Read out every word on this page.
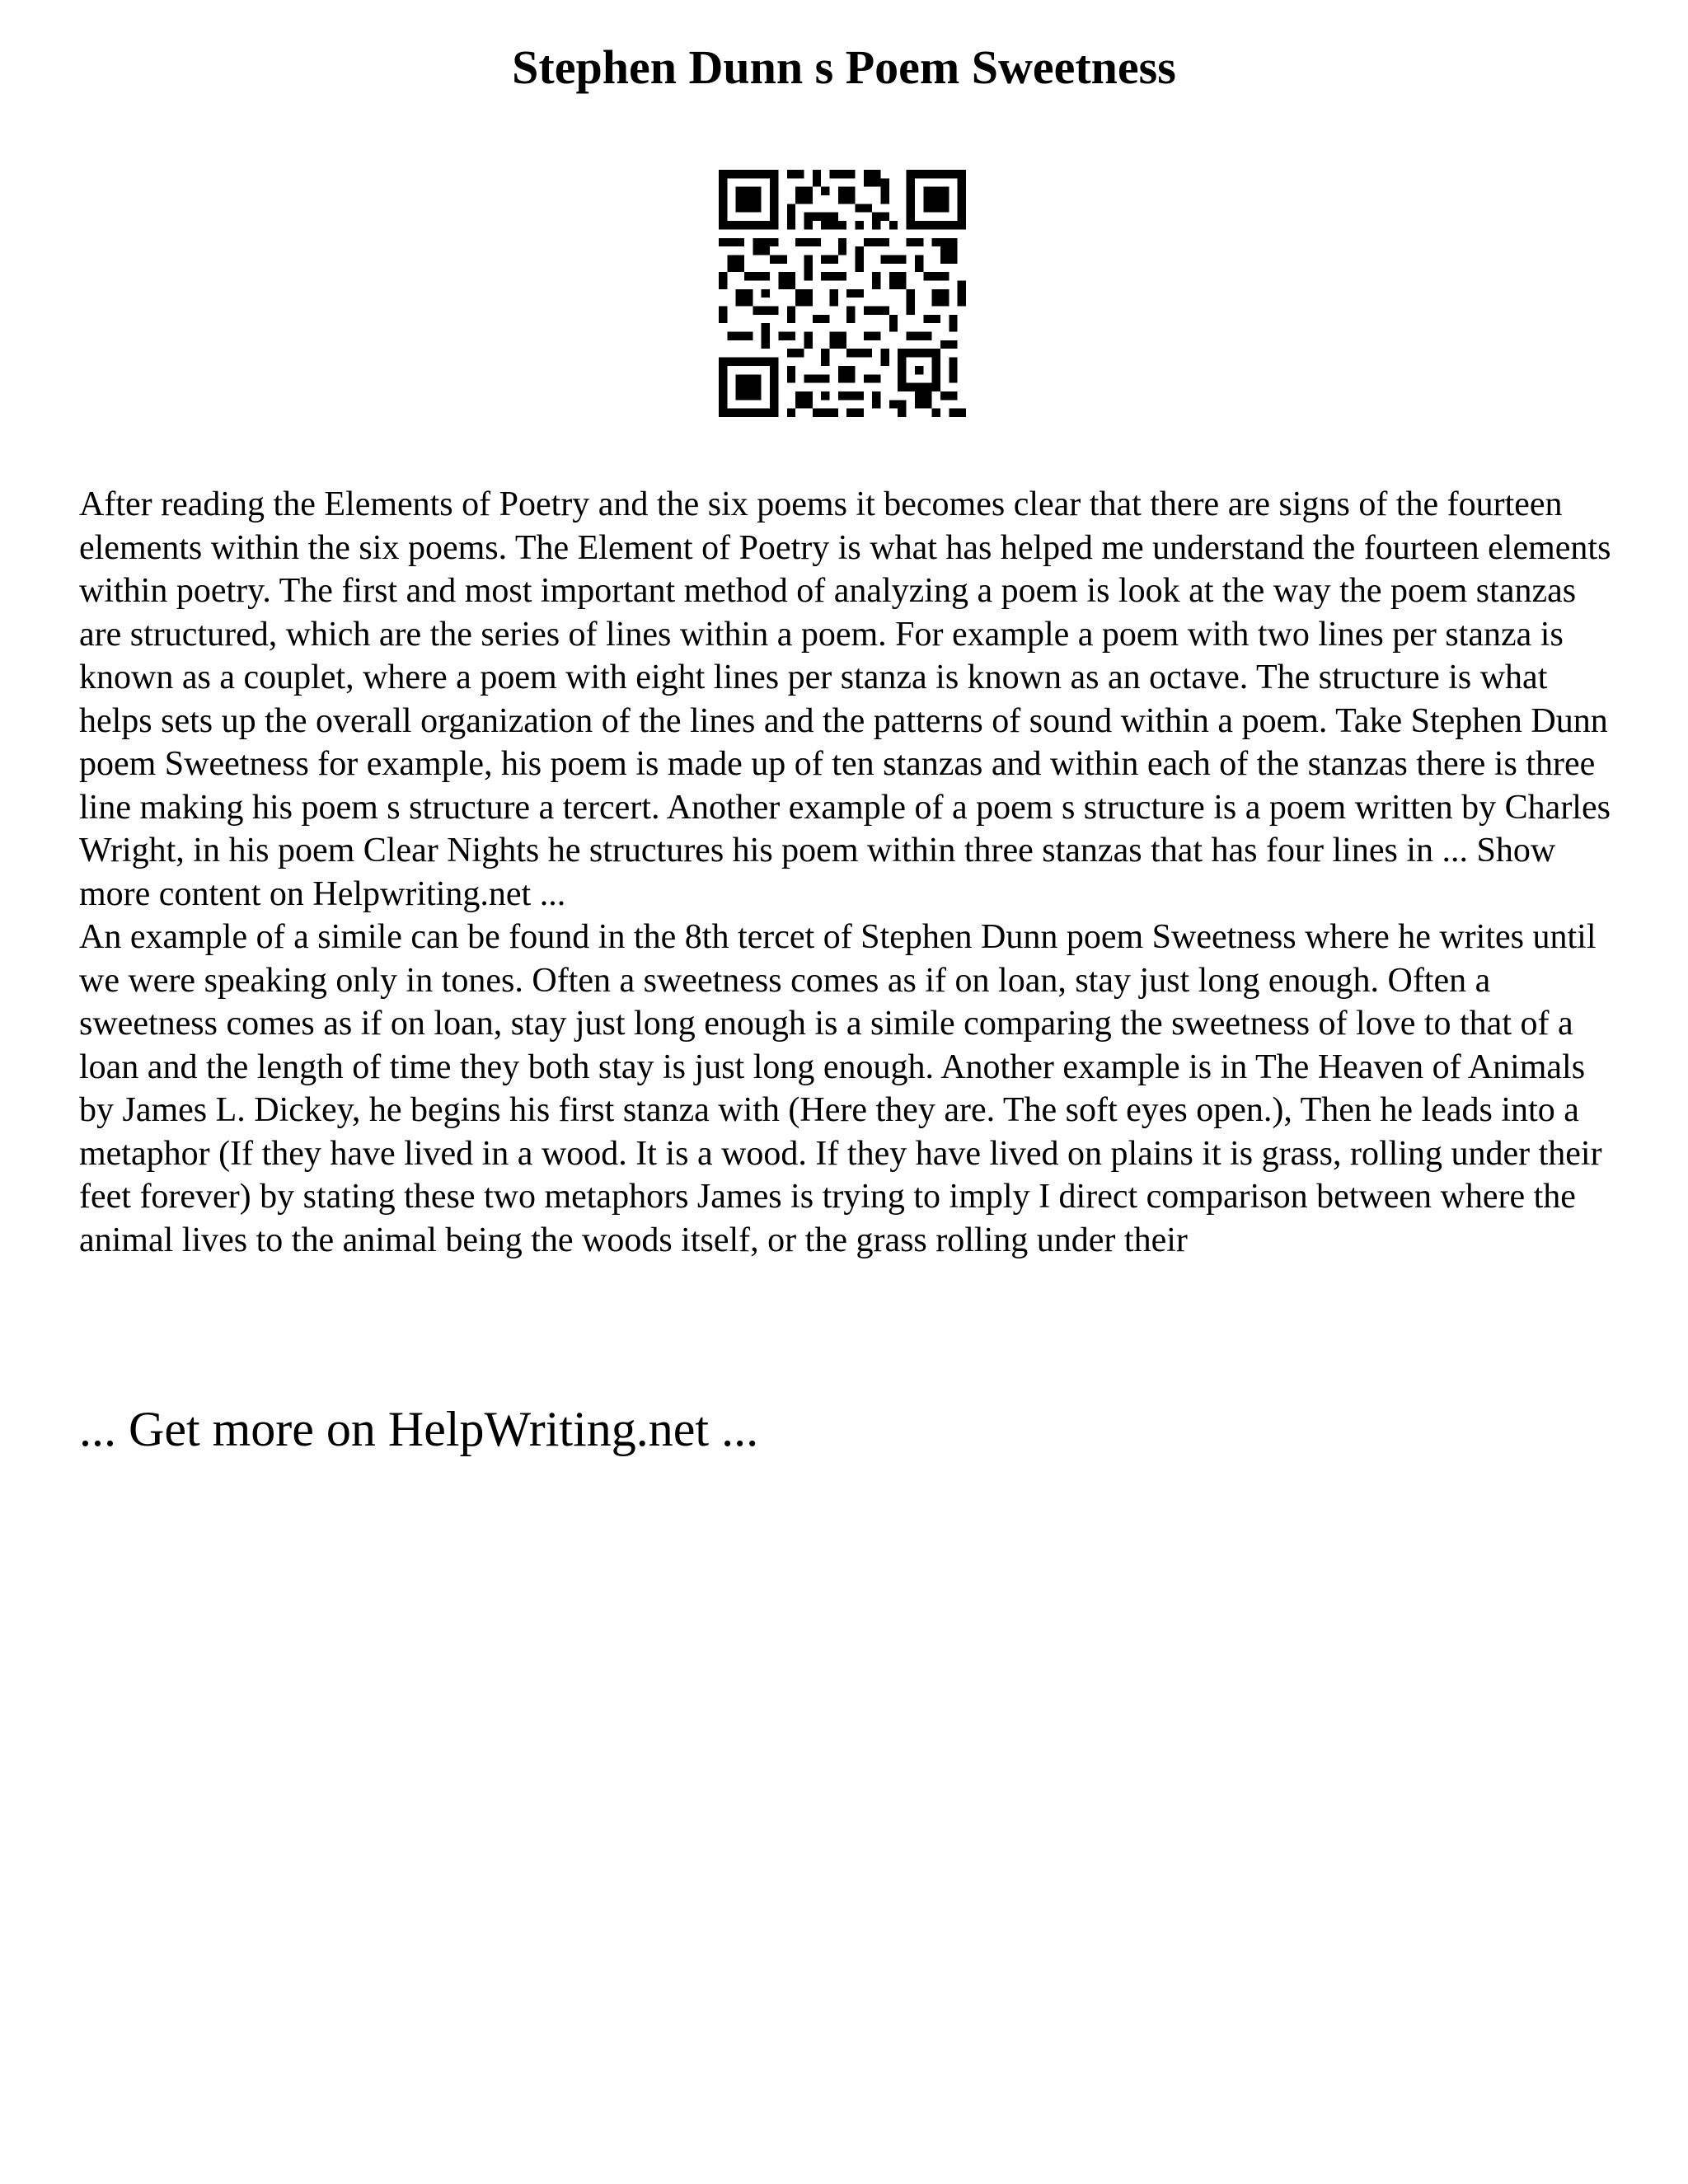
Stephen Dunn s Poem Sweetness

After reading the Elements of Poetry and the six poems it becomes clear that there are signs of the fourteen elements within the six poems. The Element of Poetry is what has helped me understand the fourteen elements within poetry. The first and most important method of analyzing a poem is look at the way the poem stanzas are structured, which are the series of lines within a poem. For example a poem with two lines per stanza is known as a couplet, where a poem with eight lines per stanza is known as an octave. The structure is what helps sets up the overall organization of the lines and the patterns of sound within a poem. Take Stephen Dunn poem Sweetness for example, his poem is made up of ten stanzas and within each of the stanzas there is three line making his poem s structure a tercert. Another example of a poem s structure is a poem written by Charles Wright, in his poem Clear Nights he structures his poem within three stanzas that has four lines in ... Show more content on Helpwriting.net ...

An example of a simile can be found in the 8th tercet of Stephen Dunn poem Sweetness where he writes until we were speaking only in tones. Often a sweetness comes as if on loan, stay just long enough. Often a sweetness comes as if on loan, stay just long enough is a simile comparing the sweetness of love to that of a loan and the length of time they both stay is just long enough. Another example is in The Heaven of Animals by James L. Dickey, he begins his first stanza with (Here they are. The soft eyes open.), Then he leads into a metaphor (If they have lived in a wood. It is a wood. If they have lived on plains it is grass, rolling under their feet forever) by stating these two metaphors James is trying to imply I direct comparison between where the animal lives to the animal being the woods itself, or the grass rolling under their

... Get more on HelpWriting.net ...
